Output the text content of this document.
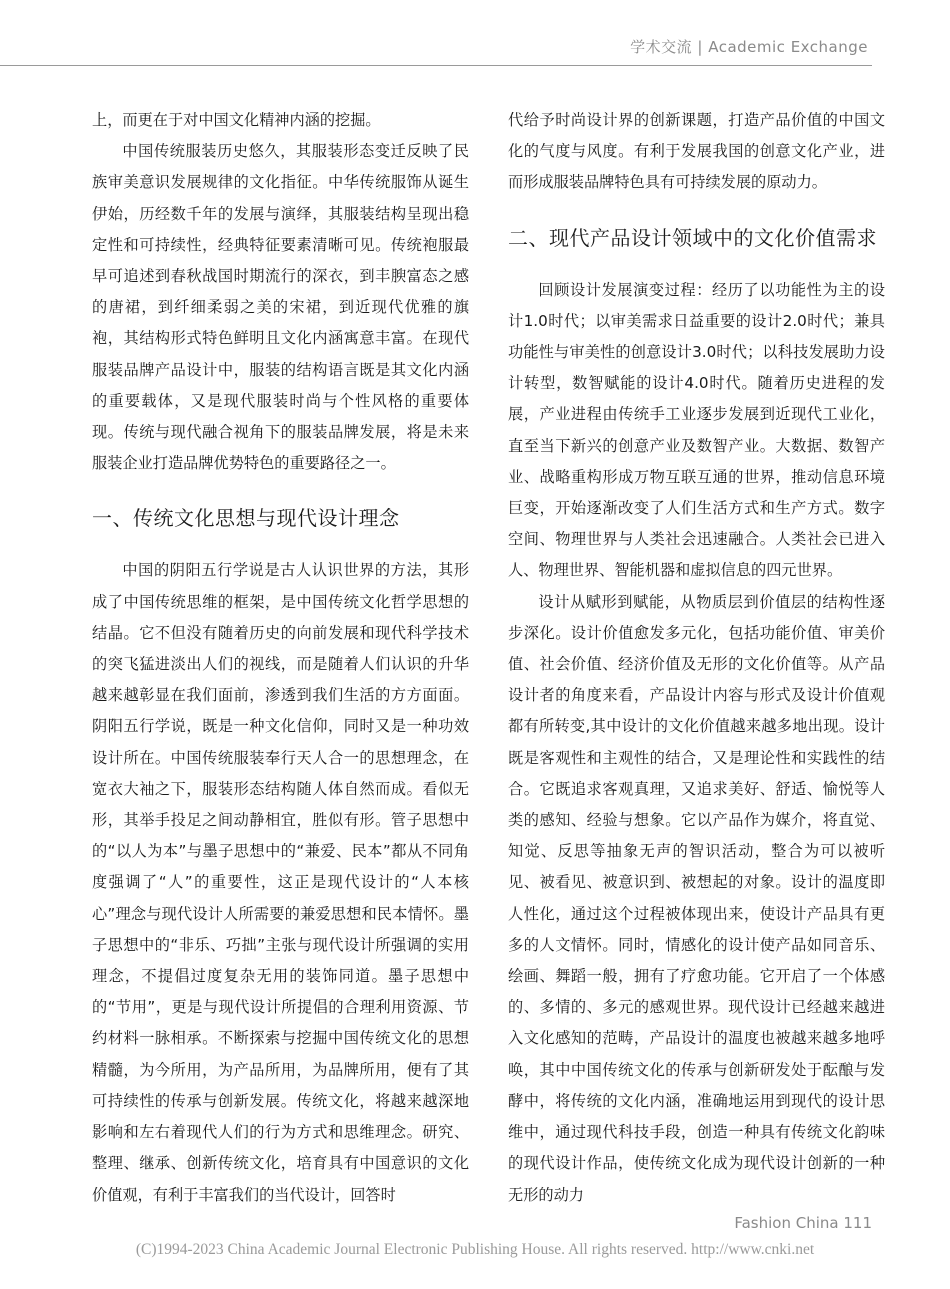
学术交流 | Academic Exchange

上，而更在于对中国文化精神内涵的挖掘。

中国传统服装历史悠久，其服装形态变迁反映了民族审美意识发展规律的文化指征。中华传统服饰从诞生伊始，历经数千年的发展与演绎，其服装结构呈现出稳定性和可持续性，经典特征要素清晰可见。传统袍服最早可追述到春秋战国时期流行的深衣，到丰腴富态之感的唐裙，到纤细柔弱之美的宋裙，到近现代优雅的旗袍，其结构形式特色鲜明且文化内涵寓意丰富。在现代服装品牌产品设计中，服装的结构语言既是其文化内涵的重要载体，又是现代服装时尚与个性风格的重要体现。传统与现代融合视角下的服装品牌发展，将是未来服装企业打造品牌优势特色的重要路径之一。

一、传统文化思想与现代设计理念

中国的阴阳五行学说是古人认识世界的方法，其形成了中国传统思维的框架，是中国传统文化哲学思想的结晶。它不但没有随着历史的向前发展和现代科学技术的突飞猛进淡出人们的视线，而是随着人们认识的升华越来越彰显在我们面前，渗透到我们生活的方方面面。阴阳五行学说，既是一种文化信仰，同时又是一种功效设计所在。中国传统服装奉行天人合一的思想理念，在宽衣大袖之下，服装形态结构随人体自然而成。看似无形，其举手投足之间动静相宜，胜似有形。管子思想中的“以人为本”与墨子思想中的“兼爱、民本”都从不同角度强调了“人”的重要性，这正是现代设计的“人本核心”理念与现代设计人所需要的兼爱思想和民本情怀。墨子思想中的“非乐、巧拙”主张与现代设计所强调的实用理念，不提倡过度复杂无用的装饰同道。墨子思想中的“节用”，更是与现代设计所提倡的合理利用资源、节约材料一脉相承。不断探索与挖掘中国传统文化的思想精髓，为今所用，为产品所用，为品牌所用，便有了其可持续性的传承与创新发展。传统文化，将越来越深地影响和左右着现代人们的行为方式和思维理念。研究、整理、继承、创新传统文化，培育具有中国意识的文化价值观，有利于丰富我们的当代设计，回答时

代给予时尚设计界的创新课题，打造产品价值的中国文化的气度与风度。有利于发展我国的创意文化产业，进而形成服装品牌特色具有可持续发展的原动力。

二、现代产品设计领域中的文化价值需求

回顾设计发展演变过程：经历了以功能性为主的设计1.0时代；以审美需求日益重要的设计2.0时代；兼具功能性与审美性的创意设计3.0时代；以科技发展助力设计转型，数智赋能的设计4.0时代。随着历史进程的发展，产业进程由传统手工业逐步发展到近现代工业化，直至当下新兴的创意产业及数智产业。大数据、数智产业、战略重构形成万物互联互通的世界，推动信息环境巨变，开始逐渐改变了人们生活方式和生产方式。数字空间、物理世界与人类社会迅速融合。人类社会已进入人、物理世界、智能机器和虚拟信息的四元世界。

设计从赋形到赋能，从物质层到价值层的结构性逐步深化。设计价值愈发多元化，包括功能价值、审美价值、社会价值、经济价值及无形的文化价值等。从产品设计者的角度来看，产品设计内容与形式及设计价值观都有所转变,其中设计的文化价值越来越多地出现。设计既是客观性和主观性的结合，又是理论性和实践性的结合。它既追求客观真理，又追求美好、舒适、愉悦等人类的感知、经验与想象。它以产品作为媒介，将直觉、知觉、反思等抽象无声的智识活动，整合为可以被听见、被看见、被意识到、被想起的对象。设计的温度即人性化，通过这个过程被体现出来，使设计产品具有更多的人文情怀。同时，情感化的设计使产品如同音乐、绘画、舞蹈一般，拥有了疗愈功能。它开启了一个体感的、多情的、多元的感观世界。现代设计已经越来越进入文化感知的范畴，产品设计的温度也被越来越多地呼唤，其中中国传统文化的传承与创新研发处于酝酿与发酵中，将传统的文化内涵，准确地运用到现代的设计思维中，通过现代科技手段，创造一种具有传统文化韵味的现代设计作品，使传统文化成为现代设计创新的一种无形的动力

Fashion China 111
(C)1994-2023 China Academic Journal Electronic Publishing House. All rights reserved. http://www.cnki.net
